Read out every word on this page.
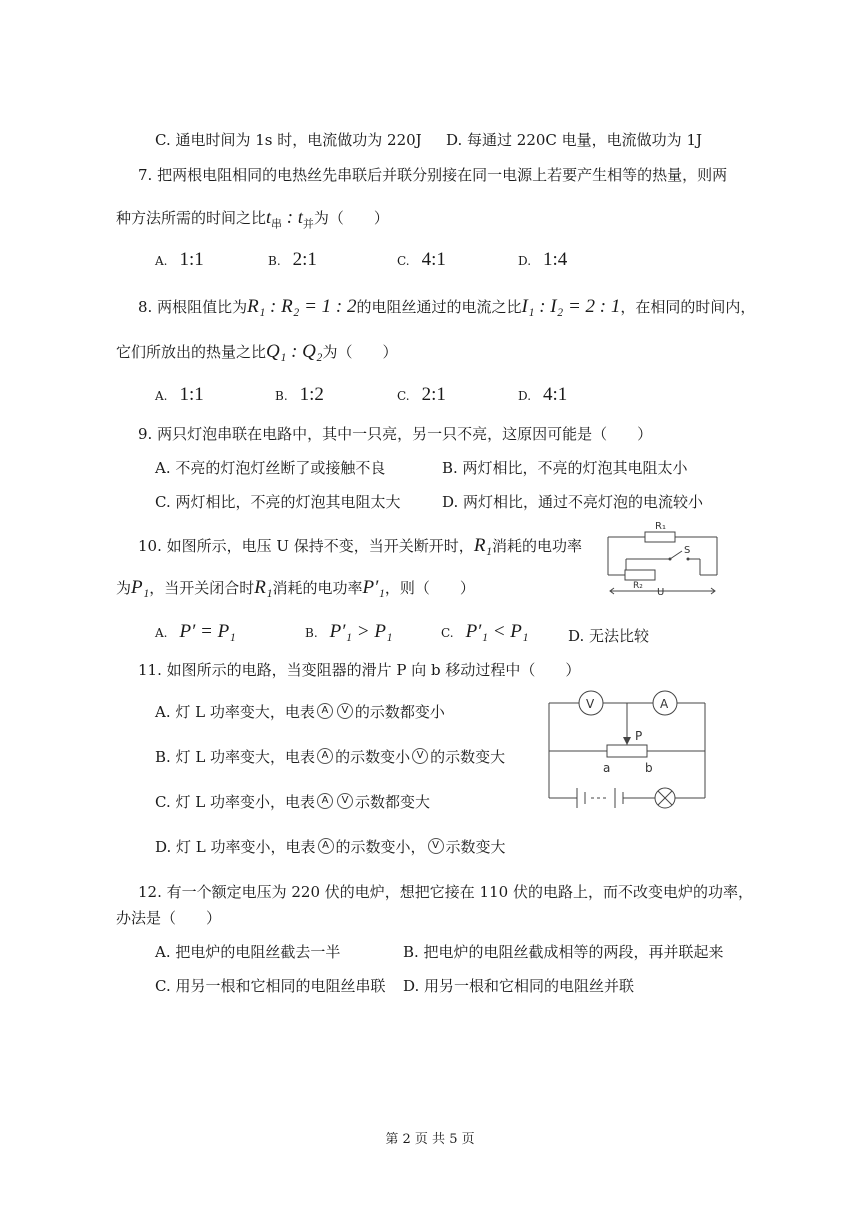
C. 通电时间为 1s 时，电流做功为 220J D. 每通过 220C 电量，电流做功为 1J
7. 把两根电阻相同的电热丝先串联后并联分别接在同一电源上若要产生相等的热量，则两
种方法所需的时间之比$t_串$ : $t_并$为（　　）
A. 1:1	B. 2:1	C. 4:1	D. 1:4
8. 两根阻值比为R₁ : R₂ = 1 : 2的电阻丝通过的电流之比I₁ : I₂ = 2 : 1，在相同的时间内，
它们所放出的热量之比Q₁ : Q₂为（　　）
A. 1:1	B. 1:2	C. 2:1	D. 4:1
9. 两只灯泡串联在电路中，其中一只亮，另一只不亮，这原因可能是（　　）
A. 不亮的灯泡灯丝断了或接触不良	B. 两灯相比，不亮的灯泡其电阻太小
C. 两灯相比，不亮的灯泡其电阻太大	D. 两灯相比，通过不亮灯泡的电流较小
10. 如图所示，电压 U 保持不变，当开关断开时，R₁消耗的电功率
为P₁，当开关闭合时R₁消耗的电功率P′₁，则（　　）
A. P′ = P₁	B. P′₁ > P₁	C. P′₁ < P₁	D. 无法比较
R₁
R₂
S
U
11. 如图所示的电路，当变阻器的滑片 P 向 b 移动过程中（　　）
A. 灯 L 功率变大，电表 A V 的示数都变小
B. 灯 L 功率变大，电表 A 的示数变小 V 的示数变大
C. 灯 L 功率变小，电表 A V 示数都变大
D. 灯 L 功率变小，电表 A 的示数变小， V 示数变大
V	A
P
a	b
12. 有一个额定电压为 220 伏的电炉，想把它接在 110 伏的电路上，而不改变电炉的功率，
办法是（　　）
A. 把电炉的电阻丝截去一半	B. 把电炉的电阻丝截成相等的两段，再并联起来
C. 用另一根和它相同的电阻丝串联 D. 用另一根和它相同的电阻丝并联
第 2 页 共 5 页
